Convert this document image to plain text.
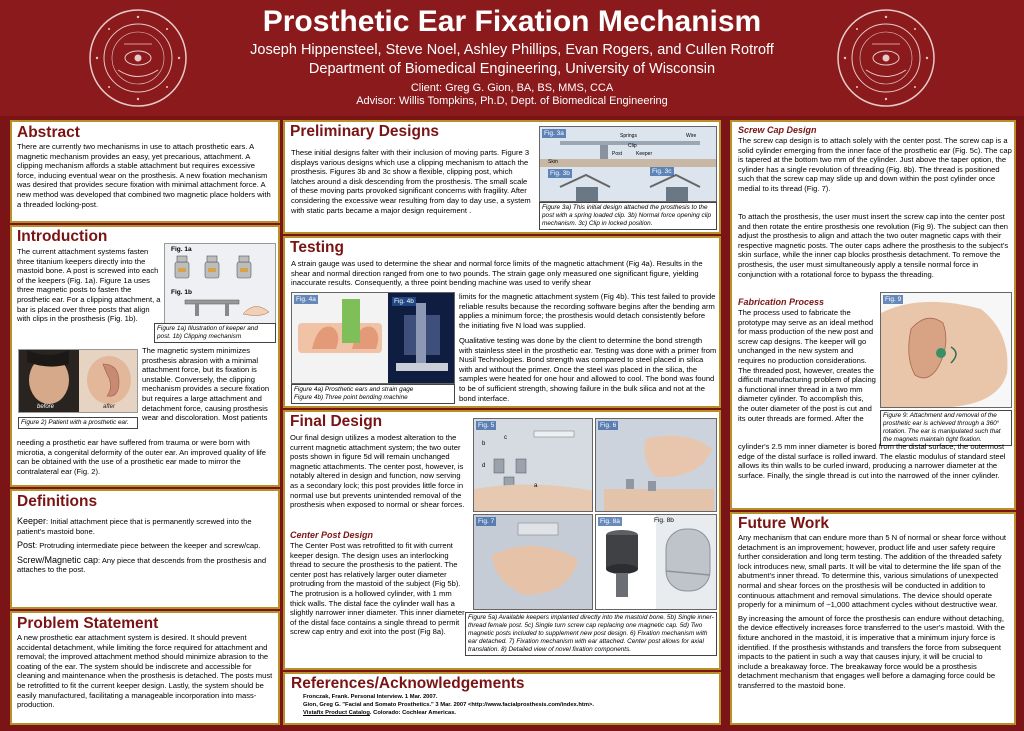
Prosthetic Ear Fixation Mechanism
Joseph Hippensteel, Steve Noel, Ashley Phillips, Evan Rogers, and Cullen Rotroff
Department of Biomedical Engineering, University of Wisconsin
Client: Greg G. Gion, BA, BS, MMS, CCA
Advisor: Willis Tompkins, Ph.D, Dept. of Biomedical Engineering
Abstract
There are currently two mechanisms in use to attach prosthetic ears. A magnetic mechanism provides an easy, yet precarious, attachment. A clipping mechanism affords a stable attachment but requires excessive force, inducing eventual wear on the prosthesis. A new fixation mechanism was desired that provides secure fixation with minimal attachment force. A new method was developed that combined two magnetic place holders with a threaded locking-post.
Introduction
The current attachment systems fasten three titanium keepers directly into the mastoid bone. A post is screwed into each of the keepers (Fig. 1a). Figure 1a uses three magnetic posts to fasten the prosthetic ear. For a clipping attachment, a bar is placed over three posts that align with clips in the prosthesis (Fig. 1b).
Fig. 1a
Fig. 1b
Figure 1a) Illustration of keeper and post. 1b) Clipping mechanism
before	after
Figure 2) Patient with a prosthetic ear.
The magnetic system minimizes prosthesis abrasion with a minimal attachment force, but its fixation is unstable. Conversely, the clipping mechanism provides a secure fixation but requires a large attachment and detachment force, causing prosthesis wear and discoloration. Most patients
needing a prosthetic ear have suffered from trauma or were born with microtia, a congenital deformity of the outer ear. An improved quality of life can be obtained with the use of a prosthetic ear made to mirror the contralateral ear (Fig. 2).
Definitions
Keeper: Initial attachment piece that is permanently screwed into the patient's mastoid bone.
Post: Protruding intermediate piece between the keeper and screw/cap.
Screw/Magnetic cap: Any piece that descends from the prosthesis and attaches to the post.
Problem Statement
A new prosthetic ear attachment system is desired. It should prevent accidental detachment, while limiting the force required for attachment and removal; the improved attachment method should minimize abrasion to the coating of the ear. The system should be indiscrete and accessible for cleaning and maintenance when the prosthesis is detached. The posts must be retrofitted to fit the current keeper design. Lastly, the system should be easily manufactured, facilitating a manageable incorporation into mass-production.
Preliminary Designs
These initial designs falter with their inclusion of moving parts. Figure 3 displays various designs which use a clipping mechanism to attach the prosthesis. Figures 3b and 3c show a flexible, clipping post, which latches around a disk descending from the prosthesis. The small scale of these moving parts provoked significant concerns with fragility. After considering the excessive wear resulting from day to day use, a system with static parts became a major design requirement .
Fig. 3a
Fig. 3b	Fig. 3c
Springs	Wire
Post	Keeper
Skin
Clip
Figure 3a) This initial design attached the prosthesis to the post with a spring loaded clip. 3b) Normal force opening clip mechanism. 3c) Clip in locked position.
Testing
A strain gauge was used to determine the shear and normal force limits of the magnetic attachment (Fig 4a). Results in the shear and normal direction ranged from one to two pounds. The strain gage only measured one significant figure, yielding inaccurate results. Consequently, a three point bending machine was used to verify shear
Fig. 4a	Fig. 4b
Figure 4a) Prosthetic ears and strain gage
Figure 4b) Three point bending machine
limits for the magnetic attachment system (Fig 4b). This test failed to provide reliable results because the recording software begins after the bending arm applies a minimum force; the prosthesis would detach consistently before the initiating five N load was supplied.
Qualitative testing was done by the client to determine the bond strength with stainless steel in the prosthetic ear. Testing was done with a primer from Nusil Technologies. Bond strength was compared to steel placed in silica with and without the primer. Once the steel was placed in the silica, the samples were heated for one hour and allowed to cool. The bond was found to be of sufficient strength, showing failure in the bulk silica and not at the bond interface.
Final Design
Our final design utilizes a modest alteration to the current magnetic attachment system; the two outer posts shown in figure 5d will remain unchanged magnetic attachments. The center post, however, is notably altered in design and function, now serving as a secondary lock; this post provides little force in normal use but prevents unintended removal of the prosthesis when exposed to normal or shear forces.
Center Post Design
The Center Post was retrofitted to fit with current keeper design. The design uses an interlocking thread to secure the prosthesis to the patient. The center post has relatively larger outer diameter protruding from the mastoid of the subject (Fig 5b). The protrusion is a hollowed cylinder, with 1 mm thick walls. The distal face the cylinder wall has a slightly narrower inner diameter. This inner diameter of the distal face contains a single thread to permit screw cap entry and exit into the post (Fig 8a).
Fig. 5
b
c
d
a
Fig. 6
Fig. 7	Fig. 8a	Fig. 8b
Figure 5a) Available keepers implanted directly into the mastoid bone. 5b) Single inner-thread female post. 5c) Single turn screw cap replacing one magnetic cap. 5d) Two magnetic posts included to supplement new post design. 6) Fixation mechanism with ear detached. 7) Fixation mechanism with ear attached. Center post allows for axial translation. 8) Detailed view of novel fixation components.
References/Acknowledgements
Fronczak, Frank. Personal Interview. 1 Mar. 2007.
Gion, Greg G. "Facial and Somato Prosthetics." 3 Mar. 2007 <http://www.facialprosthesis.com/index.htm>.
Vistafix Product Catalog. Colorado: Cochlear Americas.
Screw Cap Design
The screw cap design is to attach solely with the center post. The screw cap is a solid cylinder emerging from the inner face of the prosthetic ear (Fig. 5c). The cap is tapered at the bottom two mm of the cylinder. Just above the taper option, the cylinder has a single revolution of threading (Fig. 8b). The thread is positioned such that the screw cap may slide up and down within the post cylinder once medial to its thread (Fig. 7).
To attach the prosthesis, the user must insert the screw cap into the center post and then rotate the entire prosthesis one revolution (Fig 9). The subject can then adjust the prosthesis to align and attach the two outer magnetic caps with their respective magnetic posts. The outer caps adhere the prosthesis to the subject's skin surface, while the inner cap blocks prosthesis detachment. To remove the prosthesis, the user must simultaneously apply a tensile normal force in conjunction with a rotational force to bypass the threading.
Fabrication Process
The process used to fabricate the prototype may serve as an ideal method for mass production of the new post and screw cap designs. The keeper will go unchanged in the new system and requires no production considerations. The threaded post, however, creates the difficult manufacturing problem of placing a functional inner thread in a two mm diameter cylinder. To accomplish this, the outer diameter of the post is cut and its outer threads are formed. After the
Fig. 9
Figure 9: Attachment and removal of the prosthetic ear is achieved through a 360° rotation. The ear is manipulated such that the magnets maintain tight fixation.
cylinder's 2.5 mm inner diameter is bored from the distal surface, the outermost edge of the distal surface is rolled inward. The elastic modulus of standard steel allows its thin walls to be curled inward, producing a narrower diameter at the surface. Finally, the single thread is cut into the narrowed of the inner cylinder.
Future Work
Any mechanism that can endure more than 5 N of normal or shear force without detachment is an improvement; however, product life and user safety require further consideration and long term testing. The addition of the threaded safety lock introduces new, small parts. It will be vital to determine the life span of the abutment's inner thread. To determine this, various simulations of unexpected normal and shear forces on the prosthesis will be conducted in addition to continuous attachment and removal simulations. The device should operate properly for a minimum of ~1,000 attachment cycles without destructive wear.
By increasing the amount of force the prosthesis can endure without detaching, the device effectively increases force transferred to the user's mastoid. With the fixture anchored in the mastoid, it is imperative that a minimum injury force is identified. If the prosthesis withstands and transfers the force from subsequent impacts to the patient in such a way that causes injury, it will be crucial to include a breakaway force. The breakaway force would be a prosthesis detachment mechanism that engages well before a damaging force could be transferred to the mastoid bone.
